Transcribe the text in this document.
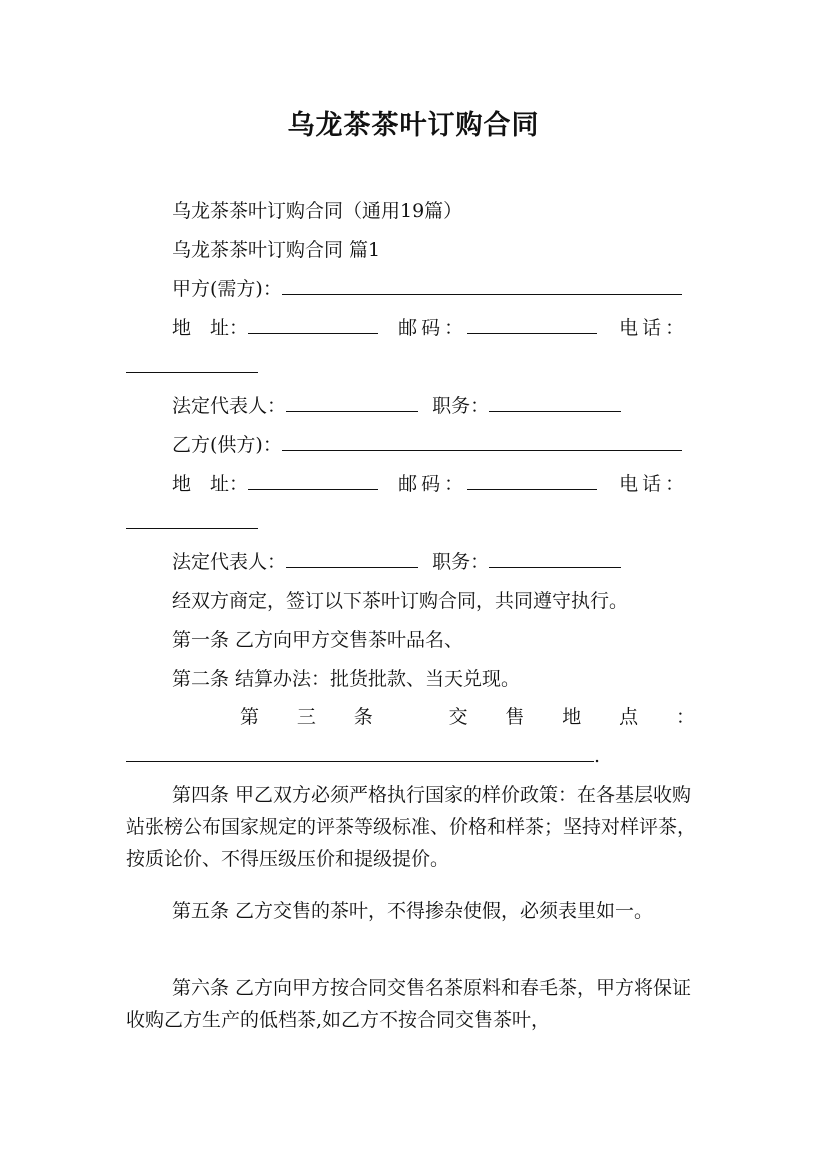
乌龙茶茶叶订购合同
乌龙茶茶叶订购合同（通用19篇）
乌龙茶茶叶订购合同 篇1
甲方(需方)：
地　址：	邮码：	电话：
法定代表人：	职务：
乙方(供方)：
地　址：	邮码：	电话：
法定代表人：	职务：
经双方商定，签订以下茶叶订购合同，共同遵守执行。
第一条 乙方向甲方交售茶叶品名、
第二条 结算办法：批货批款、当天兑现。
第 三 条	交 售 地 点 ：
.
第四条 甲乙双方必须严格执行国家的样价政策：在各基层收购站张榜公布国家规定的评茶等级标准、价格和样茶；坚持对样评茶，按质论价、不得压级压价和提级提价。
第五条 乙方交售的茶叶，不得掺杂使假，必须表里如一。
第六条 乙方向甲方按合同交售名茶原料和春毛茶，甲方将保证收购乙方生产的低档茶,如乙方不按合同交售茶叶，
